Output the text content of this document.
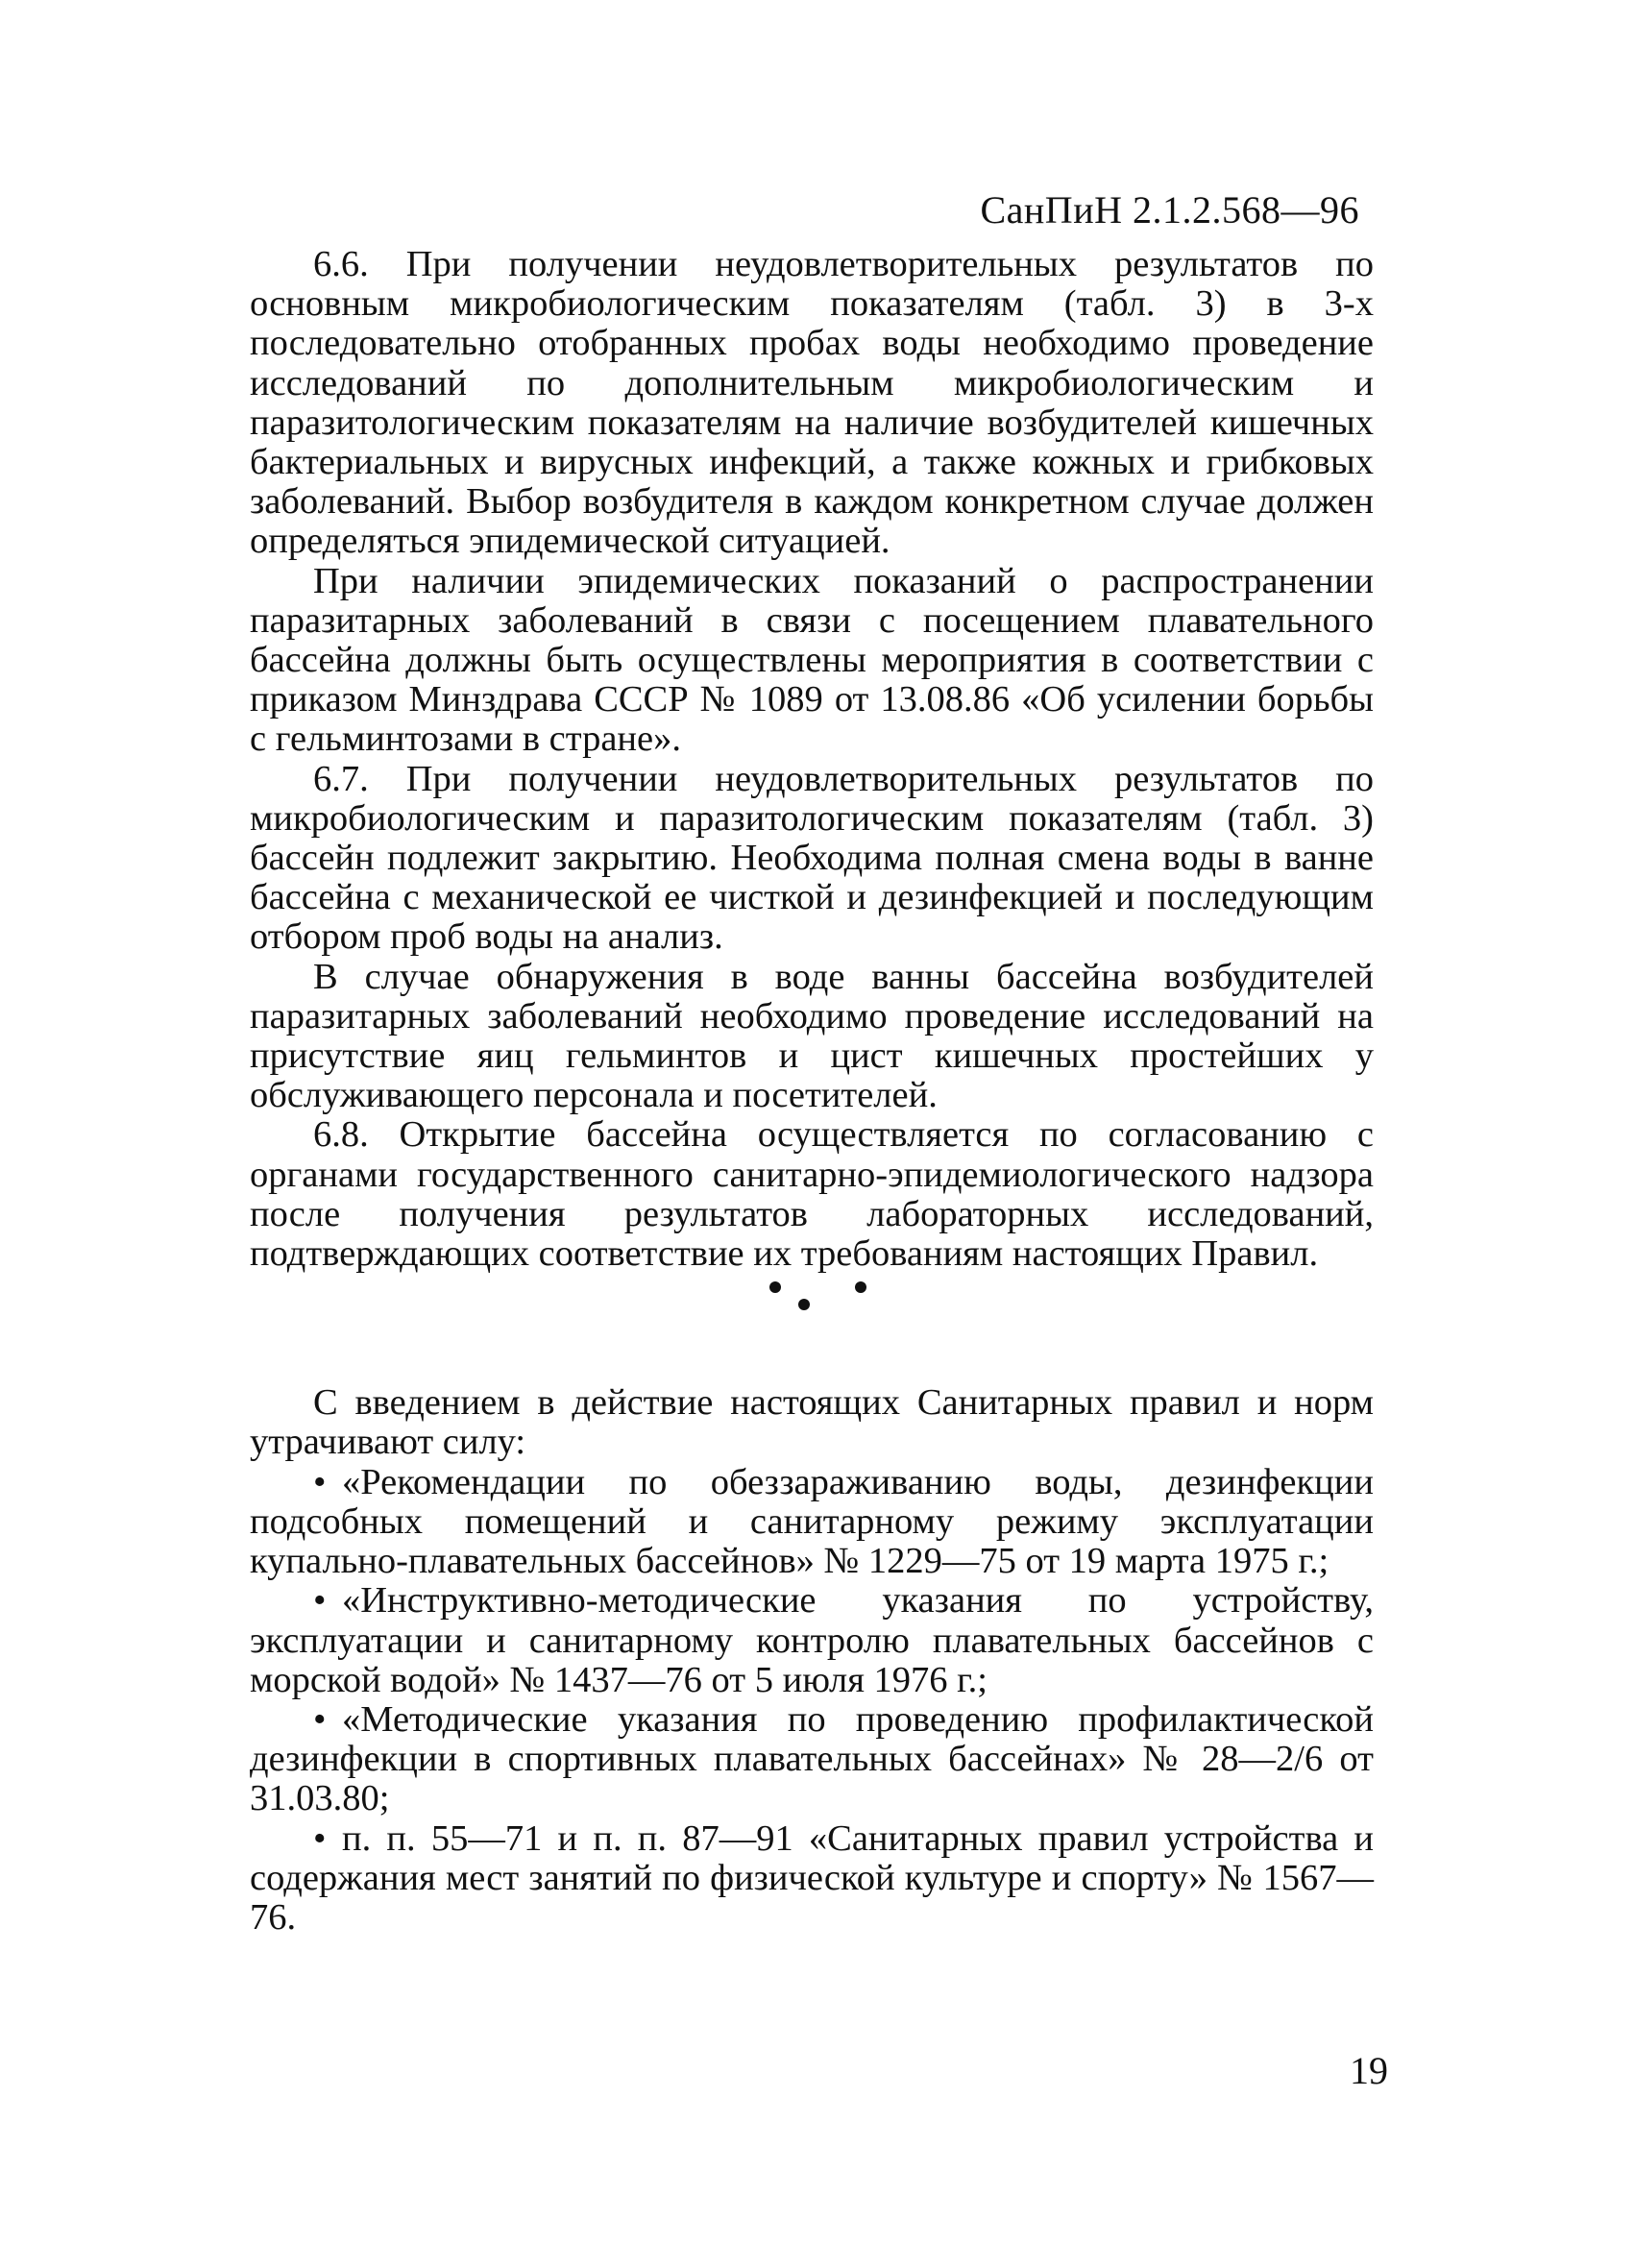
СанПиН 2.1.2.568—96

6.6. При получении неудовлетворительных результатов по основным микробиологическим показателям (табл. 3) в 3-х последовательно отобранных пробах воды необходимо проведение исследований по дополнительным микробиологическим и паразитологическим показателям на наличие возбудителей кишечных бактериальных и вирусных инфекций, а также кожных и грибковых заболеваний. Выбор возбудителя в каждом конкретном случае должен определяться эпидемической ситуацией.

При наличии эпидемических показаний о распространении паразитарных заболеваний в связи с посещением плавательного бассейна должны быть осуществлены мероприятия в соответствии с приказом Минздрава СССР № 1089 от 13.08.86 «Об усилении борьбы с гельминтозами в стране».

6.7. При получении неудовлетворительных результатов по микробиологическим и паразитологическим показателям (табл. 3) бассейн подлежит закрытию. Необходима полная смена воды в ванне бассейна с механической ее чисткой и дезинфекцией и последующим отбором проб воды на анализ.

В случае обнаружения в воде ванны бассейна возбудителей паразитарных заболеваний необходимо проведение исследований на присутствие яиц гельминтов и цист кишечных простейших у обслуживающего персонала и посетителей.

6.8. Открытие бассейна осуществляется по согласованию с органами государственного санитарно-эпидемиологического надзора после получения результатов лабораторных исследований, подтверждающих соответствие их требованиям настоящих Правил.

С введением в действие настоящих Санитарных правил и норм утрачивают силу:

• «Рекомендации по обеззараживанию воды, дезинфекции подсобных помещений и санитарному режиму эксплуатации купально-плавательных бассейнов» № 1229—75 от 19 марта 1975 г.;

• «Инструктивно-методические указания по устройству, эксплуатации и санитарному контролю плавательных бассейнов с морской водой» № 1437—76 от 5 июля 1976 г.;

• «Методические указания по проведению профилактической дезинфекции в спортивных плавательных бассейнах» № 28—2/6 от 31.03.80;

• п. п. 55—71 и п. п. 87—91 «Санитарных правил устройства и содержания мест занятий по физической культуре и спорту» № 1567—76.

19
